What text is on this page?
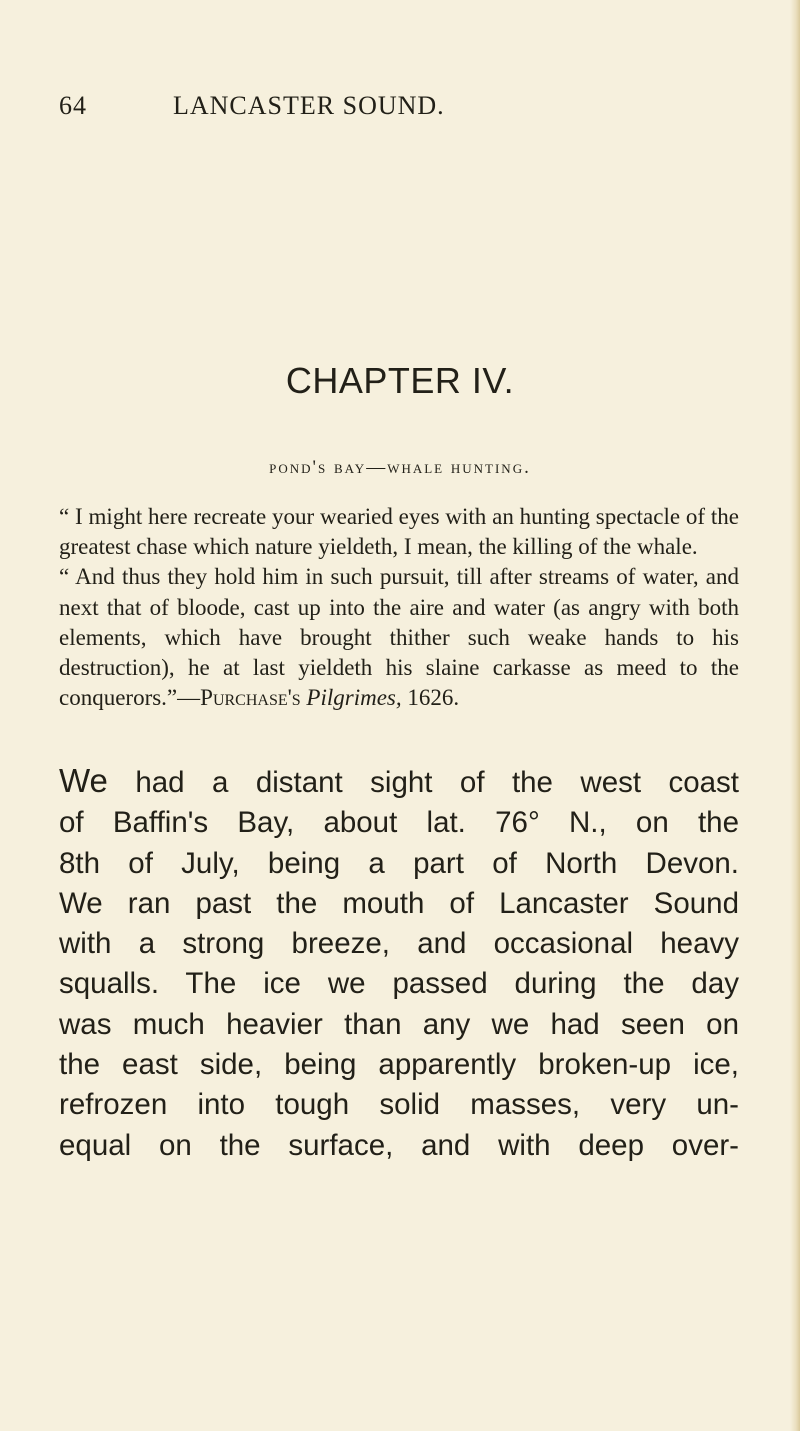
64	LANCASTER SOUND.
CHAPTER IV.
pond's bay—whale hunting.

“ I might here recreate your wearied eyes with an hunting spectacle of the greatest chase which nature yieldeth, I mean, the killing of the whale.

“ And thus they hold him in such pursuit, till after streams of water, and next that of bloode, cast up into the aire and water (as angry with both elements, which have brought thither such weake hands to his destruction), he at last yieldeth his slaine carkasse as meed to the conquerors.”—Purchase's Pilgrimes, 1626.

We had a distant sight of the west coast
of Baffin's Bay, about lat. 76° N., on the
8th of July, being a part of North Devon.
We ran past the mouth of Lancaster Sound
with a strong breeze, and occasional heavy
squalls. The ice we passed during the day
was much heavier than any we had seen on
the east side, being apparently broken-up ice,
refrozen into tough solid masses, very un-
equal on the surface, and with deep over-
